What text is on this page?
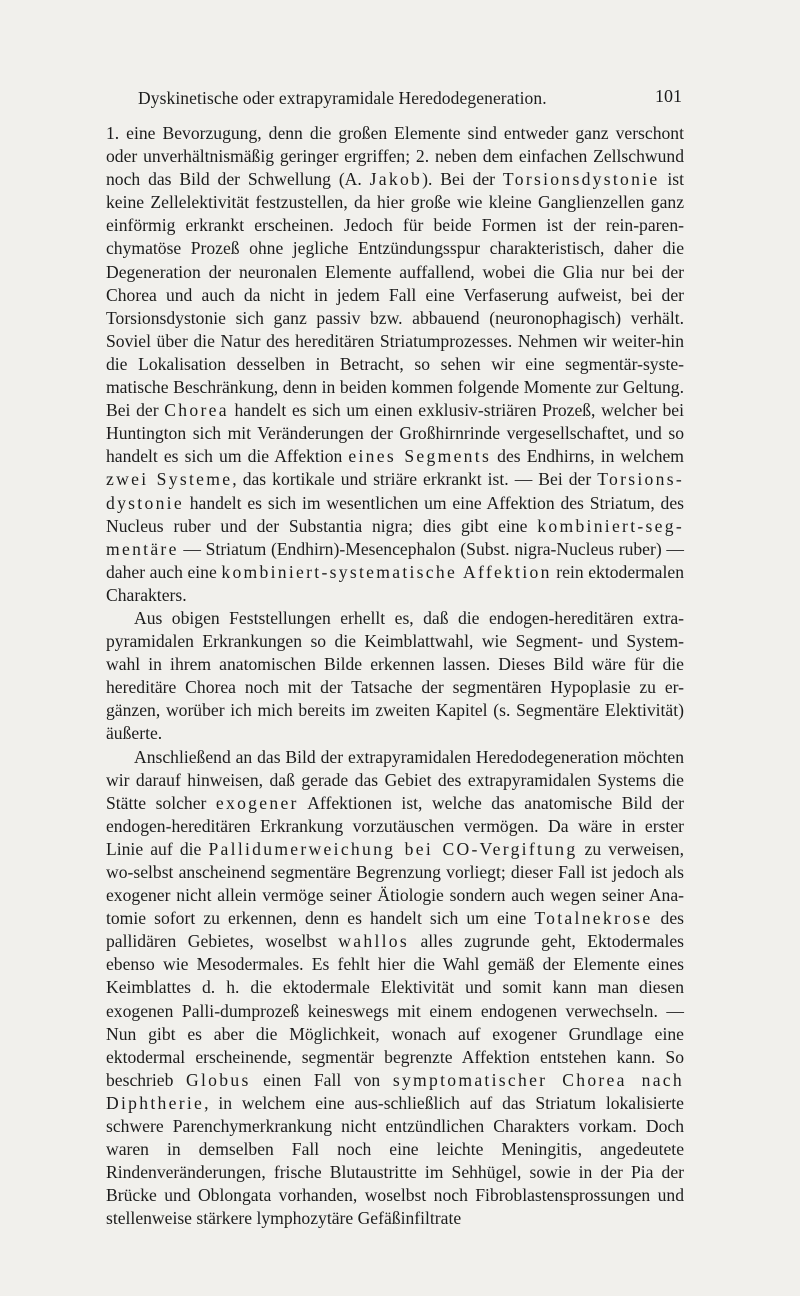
Dyskinetische oder extrapyramidale Heredodegeneration.	101

1. eine Bevorzugung, denn die großen Elemente sind entweder ganz verschont oder unverhältnismäßig geringer ergriffen; 2. neben dem einfachen Zellschwund noch das Bild der Schwellung (A. Jakob). Bei der Torsionsdystonie ist keine Zellelektivität festzustellen, da hier große wie kleine Ganglienzellen ganz einförmig erkrankt erscheinen. Jedoch für beide Formen ist der rein-paren-chymatöse Prozeß ohne jegliche Entzündungsspur charakteristisch, daher die Degeneration der neuronalen Elemente auffallend, wobei die Glia nur bei der Chorea und auch da nicht in jedem Fall eine Verfaserung aufweist, bei der Torsionsdystonie sich ganz passiv bzw. abbauend (neuronophagisch) verhält. Soviel über die Natur des hereditären Striatumprozesses. Nehmen wir weiter-hin die Lokalisation desselben in Betracht, so sehen wir eine segmentär-syste-matische Beschränkung, denn in beiden kommen folgende Momente zur Geltung. Bei der Chorea handelt es sich um einen exklusiv-striären Prozeß, welcher bei Huntington sich mit Veränderungen der Großhirnrinde vergesellschaftet, und so handelt es sich um die Affektion eines Segments des Endhirns, in welchem zwei Systeme, das kortikale und striäre erkrankt ist. — Bei der Torsions-dystonie handelt es sich im wesentlichen um eine Affektion des Striatum, des Nucleus ruber und der Substantia nigra; dies gibt eine kombiniert-seg-mentäre — Striatum (Endhirn)-Mesencephalon (Subst. nigra-Nucleus ruber) — daher auch eine kombiniert-systematische Affektion rein ektodermalen Charakters.

Aus obigen Feststellungen erhellt es, daß die endogen-hereditären extra-pyramidalen Erkrankungen so die Keimblattwahl, wie Segment- und System-wahl in ihrem anatomischen Bilde erkennen lassen. Dieses Bild wäre für die hereditäre Chorea noch mit der Tatsache der segmentären Hypoplasie zu er-gänzen, worüber ich mich bereits im zweiten Kapitel (s. Segmentäre Elektivität) äußerte.

Anschließend an das Bild der extrapyramidalen Heredodegeneration möchten wir darauf hinweisen, daß gerade das Gebiet des extrapyramidalen Systems die Stätte solcher exogener Affektionen ist, welche das anatomische Bild der endogen-hereditären Erkrankung vorzutäuschen vermögen. Da wäre in erster Linie auf die Pallidumerweichung bei CO-Vergiftung zu verweisen, wo-selbst anscheinend segmentäre Begrenzung vorliegt; dieser Fall ist jedoch als exogener nicht allein vermöge seiner Ätiologie sondern auch wegen seiner Ana-tomie sofort zu erkennen, denn es handelt sich um eine Totalnekrose des pallidären Gebietes, woselbst wahllos alles zugrunde geht, Ektodermales ebenso wie Mesodermales. Es fehlt hier die Wahl gemäß der Elemente eines Keimblattes d. h. die ektodermale Elektivität und somit kann man diesen exogenen Palli-dumprozeß keineswegs mit einem endogenen verwechseln. — Nun gibt es aber die Möglichkeit, wonach auf exogener Grundlage eine ektodermal erscheinende, segmentär begrenzte Affektion entstehen kann. So beschrieb Globus einen Fall von symptomatischer Chorea nach Diphtherie, in welchem eine aus-schließlich auf das Striatum lokalisierte schwere Parenchymerkrankung nicht entzündlichen Charakters vorkam. Doch waren in demselben Fall noch eine leichte Meningitis, angedeutete Rindenveränderungen, frische Blutaustritte im Sehhügel, sowie in der Pia der Brücke und Oblongata vorhanden, woselbst noch Fibroblastensprossungen und stellenweise stärkere lymphozytäre Gefäßinfiltrate
